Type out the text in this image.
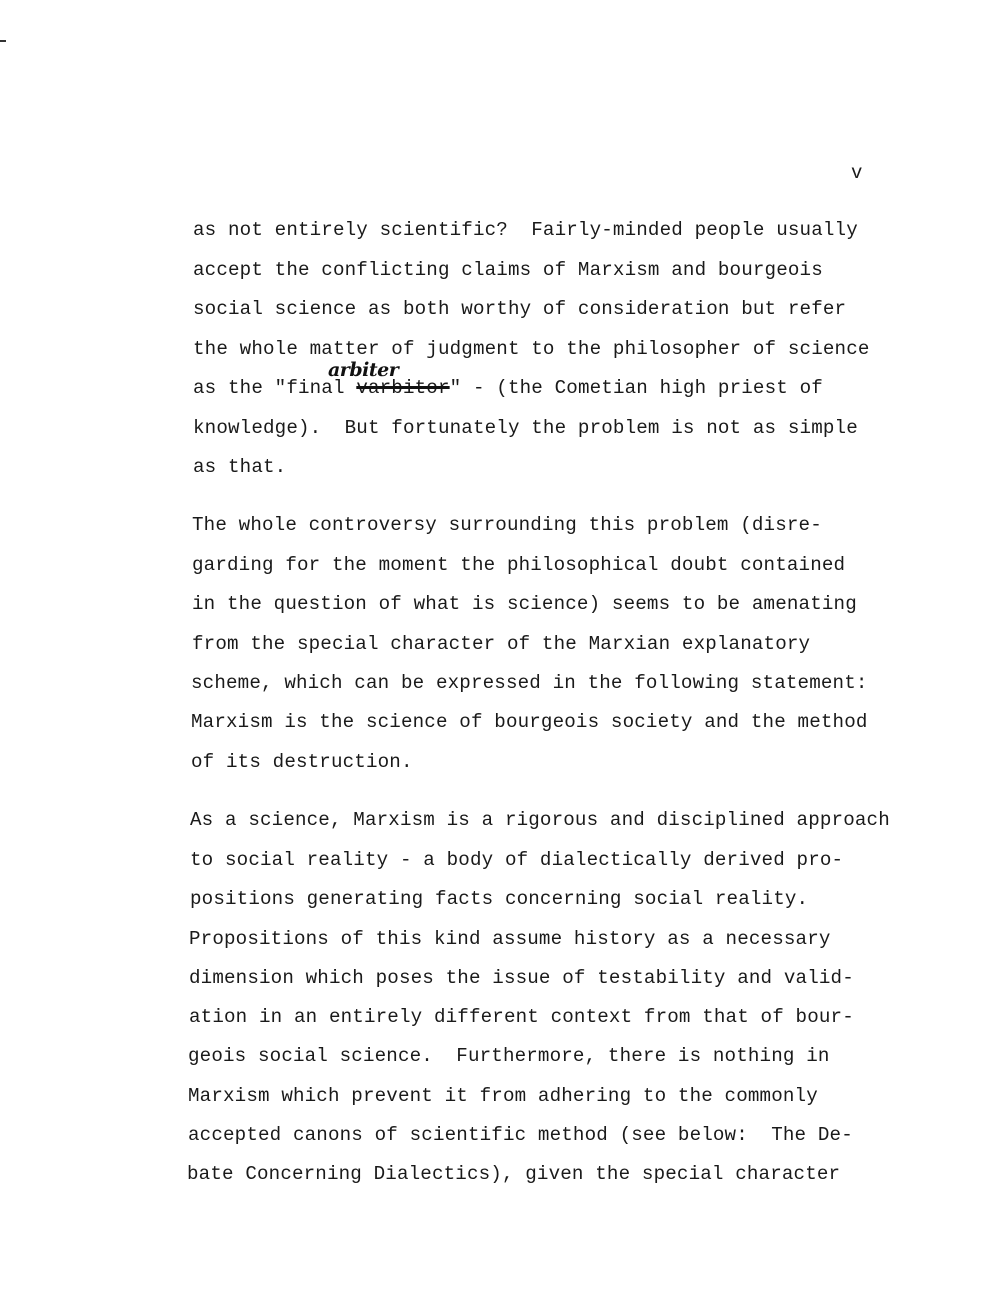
v
as not entirely scientific?  Fairly-minded people usually
accept the conflicting claims of Marxism and bourgeois
social science as both worthy of consideration but refer
the whole matter of judgment to the philosopher of science
arbiter
as the "final varbitor" - (the Cometian high priest of
knowledge).  But fortunately the problem is not as simple
as that.
The whole controversy surrounding this problem (disre-
garding for the moment the philosophical doubt contained
in the question of what is science) seems to be amenating
from the special character of the Marxian explanatory
scheme, which can be expressed in the following statement:
Marxism is the science of bourgeois society and the method
of its destruction.
As a science, Marxism is a rigorous and disciplined approach
to social reality - a body of dialectically derived pro-
positions generating facts concerning social reality.
Propositions of this kind assume history as a necessary
dimension which poses the issue of testability and valid-
ation in an entirely different context from that of bour-
geois social science.  Furthermore, there is nothing in
Marxism which prevent it from adhering to the commonly
accepted canons of scientific method (see below:  The De-
bate Concerning Dialectics), given the special character
